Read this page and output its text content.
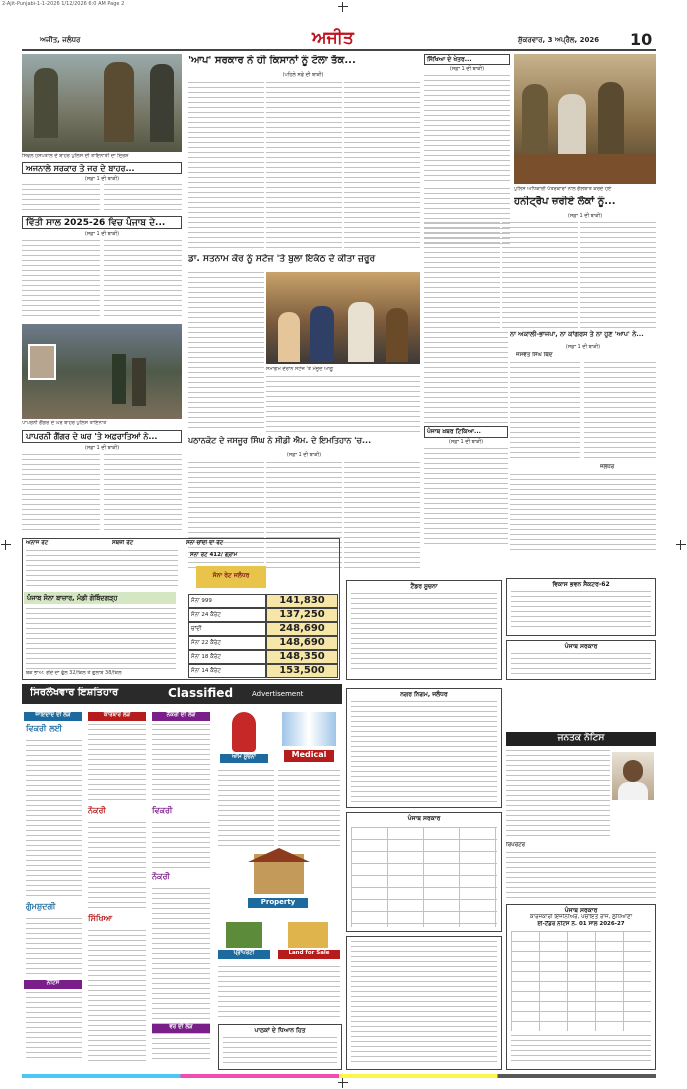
2-Ajit-Punjabi-1-1-2026 1/12/2026 6:0 AM Page 2
ਅਜੀਤ, ਜਲੰਧਰ	ਅਜੀਤ	ਸ਼ੁੱਕਰਵਾਰ, 3 ਅਪ੍ਰੈਲ, 2026	10
ਸਿਵਲ ਹਸਪਤਾਲ ਦੇ ਬਾਹਰ ਪੁਲਿਸ ਦੀ ਤਾਇਨਾਤੀ ਦਾ ਦ੍ਰਿਸ਼
ਅਜਨਾਲੇ ਸਰਕਾਰ ਤੇ ਜਰ ਦੇ ਬਾਹਰ...
(ਸਫ਼ਾ 1 ਦੀ ਬਾਕੀ)
ਵਿੱਤੀ ਸਾਲ 2025-26 ਵਿਚ ਪੰਜਾਬ ਦੇ...
(ਸਫ਼ਾ 1 ਦੀ ਬਾਕੀ)
ਪਾਪਰਨੀ ਗੈਂਗਰ ਦੇ ਘਰ ਬਾਹਰ ਪੁਲਿਸ ਤਾਇਨਾਤ
ਪਾਪਰਨੀ ਗੈਂਗਰ ਦੇ ਘਰ 'ਤੇ ਅਫ਼ਰਾਤਿਆਂ ਨੇ...
(ਸਫ਼ਾ 1 ਦੀ ਬਾਕੀ)
'ਆਪ' ਸਰਕਾਰ ਨੇ ਹੀ ਕਿਸਾਨਾਂ ਨੂੰ ਟੋਲਾ ਤੱਕ...
(ਪਹਿਲੇ ਸਫ਼ੇ ਦੀ ਬਾਕੀ)
ਡਾ. ਸਤਨਾਮ ਕੌਰ ਨੂੰ ਸਟੇਜ 'ਤੇ ਬੁਲਾ ਇਕੱਠ ਦੇ ਕੀਤਾ ਜ਼ਰੂਰ
ਸਮਾਗਮ ਦੌਰਾਨ ਸਟੇਜ 'ਤੇ ਮੌਜੂਦ ਆਗੂ
ਪਠਾਨਕੋਟ ਦੇ ਜਸਜੂਰ ਸਿੰਘ ਨੇ ਸੀਡੀ ਐਮ. ਦੇ ਇਮਤਿਹਾਨ 'ਚ...
(ਸਫ਼ਾ 1 ਦੀ ਬਾਕੀ)
ਸਿੱਖਿਆ ਦੇ ਖੇਤਰ...
(ਸਫ਼ਾ 1 ਦੀ ਬਾਕੀ)
ਪੁਲਿਸ ਅਧਿਕਾਰੀ ਪੱਤਰਕਾਰਾਂ ਨਾਲ ਗੱਲਬਾਤ ਕਰਦੇ ਹੋਏ
ਹਨੀਟ੍ਰੈਪ ਜ਼ਰੀਏ ਲੋਕਾਂ ਨੂੰ...
(ਸਫ਼ਾ 1 ਦੀ ਬਾਕੀ)
ਨਾ ਅਕਾਲੀ-ਭਾਜਪਾ, ਨਾ ਕਾਂਗਰਸ ਤੇ ਨਾ ਹੁਣ 'ਆਪ' ਨੇ...
(ਸਫ਼ਾ 1 ਦੀ ਬਾਕੀ)
ਜਸਵੰਤ ਸਿੰਘ ਥਿੰਦ
ਪੰਜਾਬ ਖ਼ਬਰ ਟਿਕਿਆ...
(ਸਫ਼ਾ 1 ਦੀ ਬਾਕੀ)
ਜਲੰਧਰ
ਅਨਾਜ ਰੇਟ	ਸਬਜ਼ੀ ਰੇਟ	ਸੋਨਾ ਚਾਂਦੀ ਦਾ ਰੇਟ
ਸੋਨਾ ਰੇਟ 412/ ਗ੍ਰਾਮ
ਸੋਨਾ ਰੇਟ ਜਲੰਧਰ
ਪੰਜਾਬ ਸੋਨਾ ਬਾਜ਼ਾਰ, ਮੰਡੀ ਗੋਬਿੰਦਗੜ੍ਹ
ਥੋਕ ਭਾਅ: ਗੇਂਦੇ ਦਾ ਫੁੱਲ 32/ਕਿਲੋ ਤੇ ਗੁਲਾਬ 38/ਕਿਲੋ
ਸੋਨਾ 999	141,830
ਸੋਨਾ 24 ਕੈਰੇਟ	137,250
ਚਾਂਦੀ	248,690
ਸੋਨਾ 22 ਕੈਰੇਟ	148,690
ਸੋਨਾ 18 ਕੈਰੇਟ	148,350
ਸੋਨਾ 14 ਕੈਰੇਟ	153,500
ਟੈਂਡਰ ਸੂਚਨਾ	ਵਿਕਾਸ ਭਵਨ ਸੈਕਟਰ-62
ਪੰਜਾਬ ਸਰਕਾਰ
ਸਿਰਲੇਖਵਾਰ ਇਸ਼ਤਿਹਾਰ	Classified	Advertisement
ਜਾਇਦਾਦ ਦੀ ਲੋੜ
ਵਿਕਰੀ ਲਈ
ਗੁੰਮਸ਼ੁਦਗੀ
ਨੋਟਿਸ
ਕਾਰੋਬਾਰ ਲੋੜ
ਨੌਕਰੀ
ਸਿੱਖਿਆ
ਨੌਕਰੀ ਦੀ ਲੋੜ
ਵਿਕਰੀ
ਨੌਕਰੀ
ਆਮ ਸੂਚਨਾ	Medical
Property
ਪ੍ਰਾਪਰਟੀ	Land for Sale
ਵਰ ਦੀ ਲੋੜ	ਪਾਠਕਾਂ ਦੇ ਧਿਆਨ ਹਿਤ
ਨਗਰ ਨਿਗਮ, ਜਲੰਧਰ
ਪੰਜਾਬ ਸਰਕਾਰ
ਜਨਤਕ ਨੋਟਿਸ
ਰਿਪੋਰਟਰ
ਪੰਜਾਬ ਸਰਕਾਰ
ਕਾਰਜਕਾਰੀ ਇੰਜੀਨੀਅਰ, ਪੰਚਾਇਤ ਰਾਜ, ਲੁਧਿਆਣਾ
ਈ-ਟੈਂਡਰ ਨੋਟਿਸ ਨੰ. 01 ਸਾਲ 2026-27
